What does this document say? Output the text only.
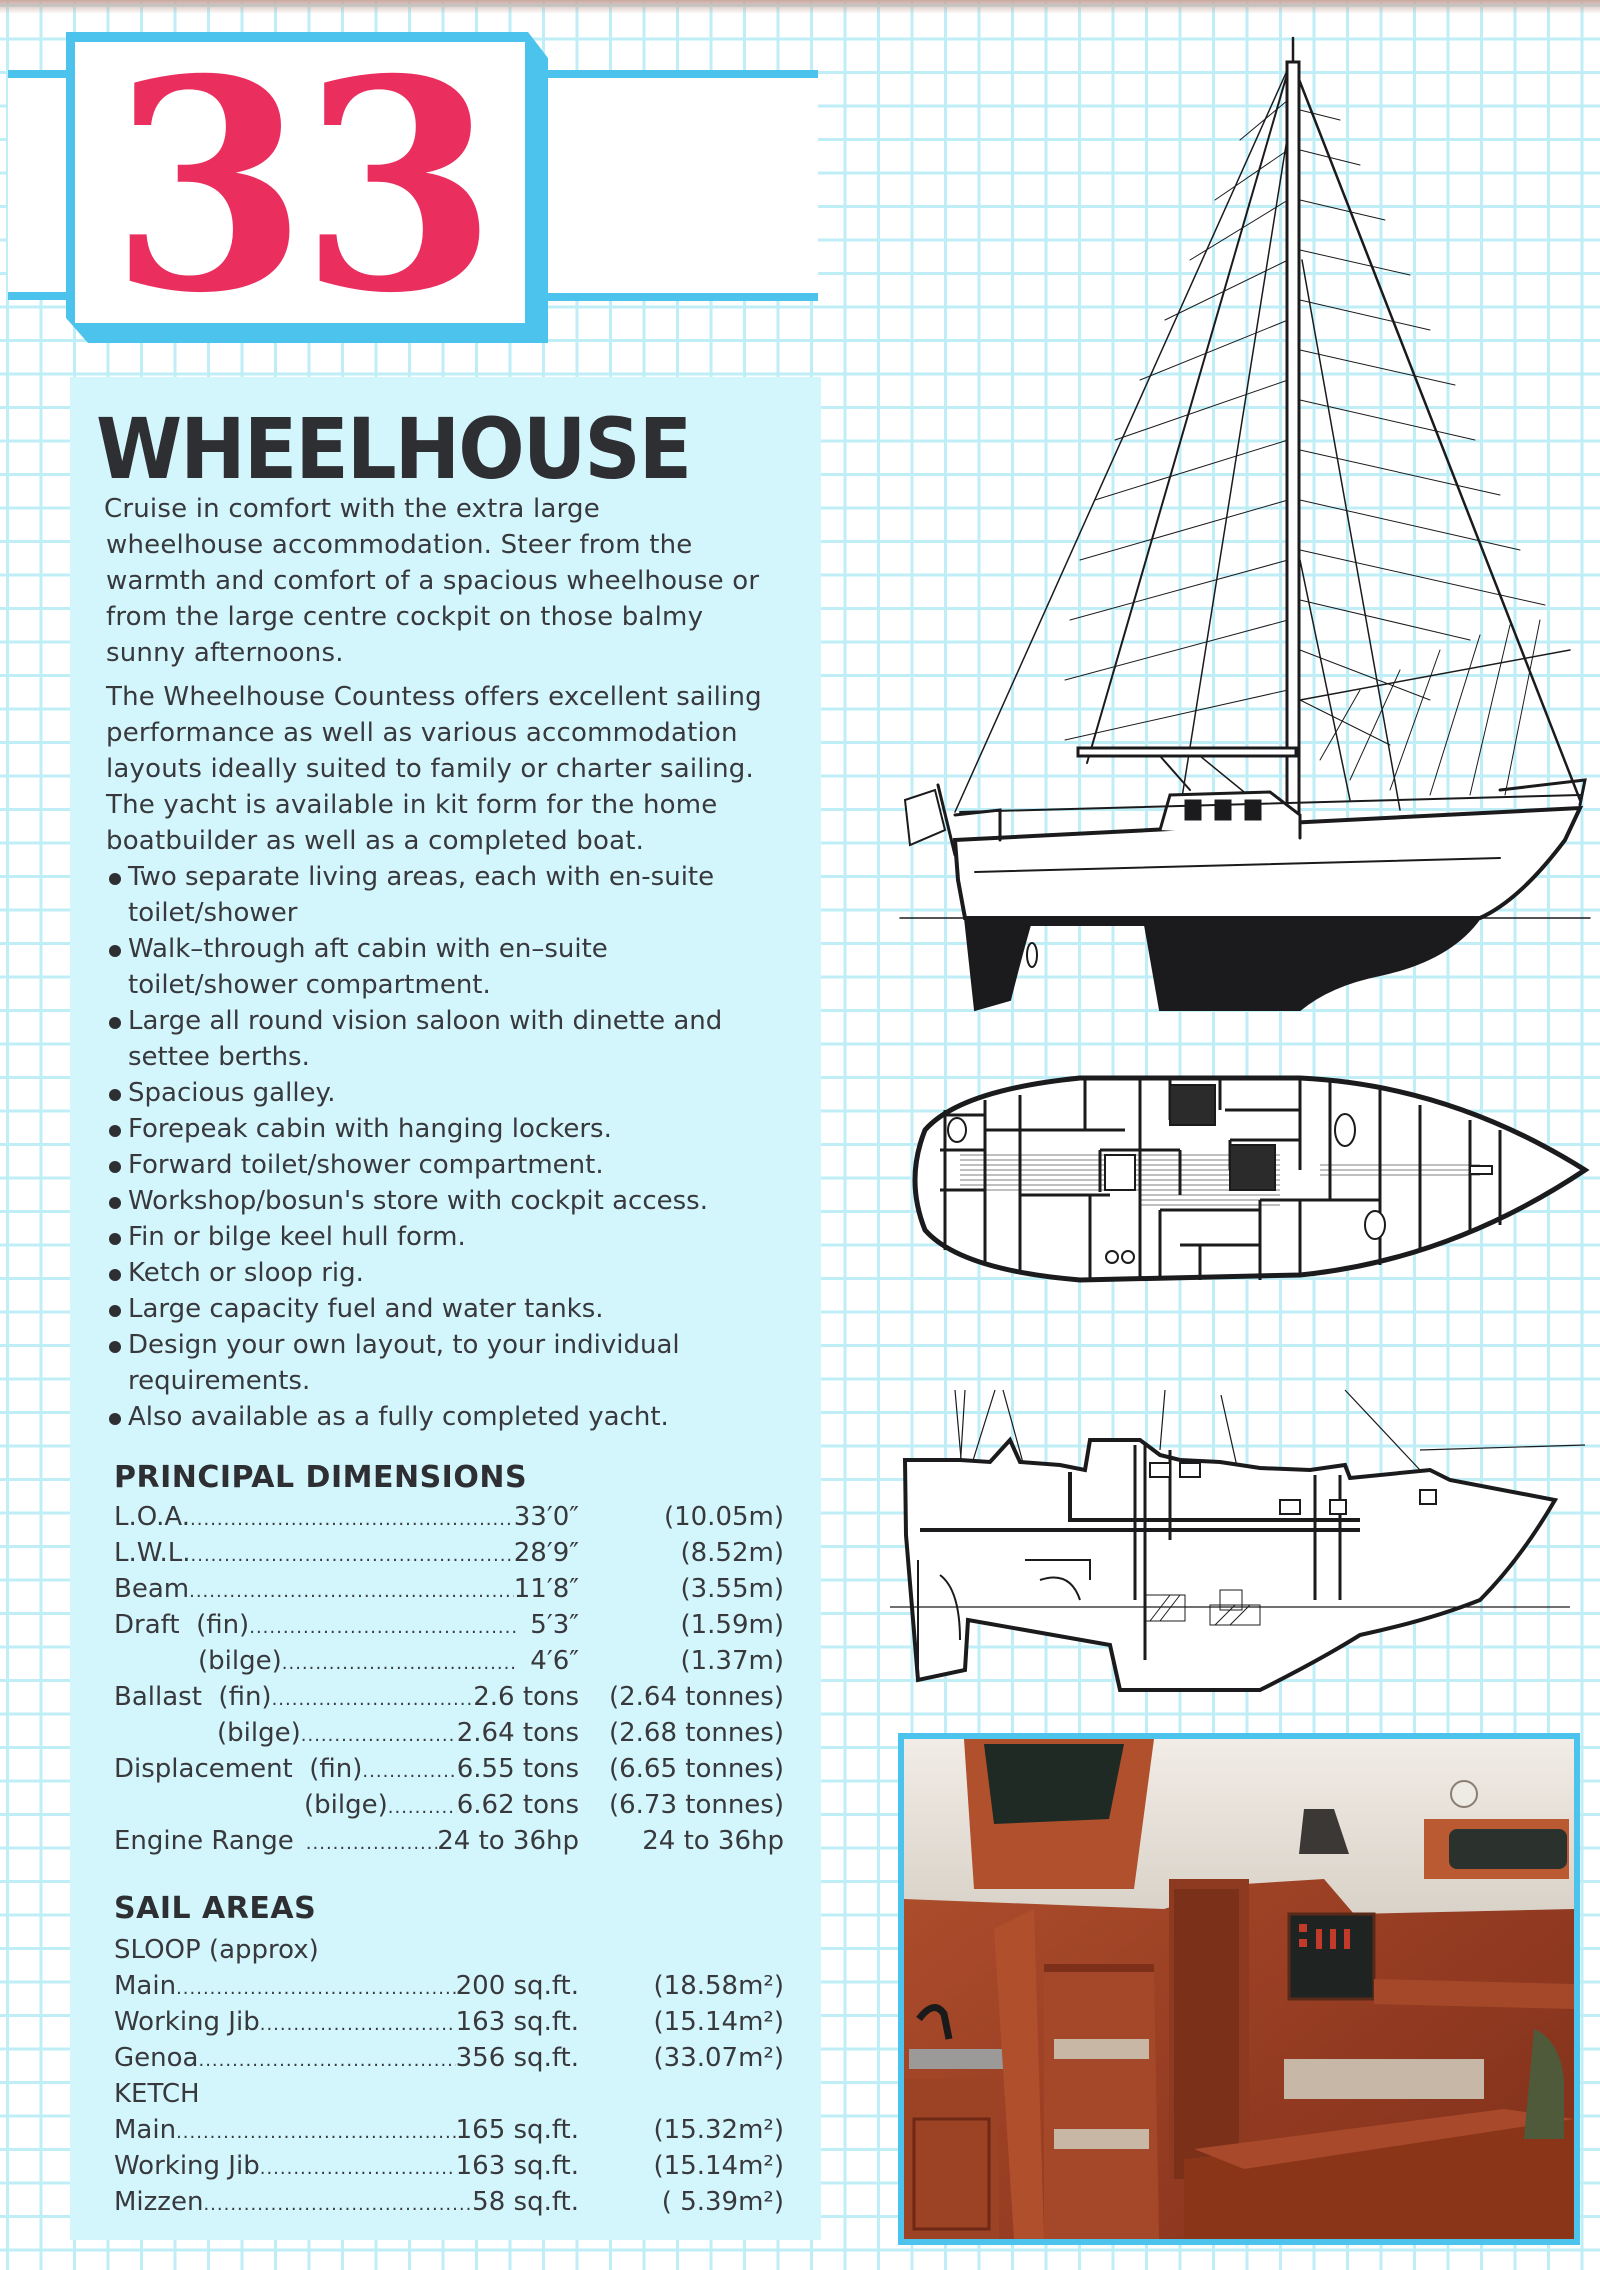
33
WHEELHOUSE
Cruise in comfort with the extra large
wheelhouse accommodation. Steer from the
warmth and comfort of a spacious wheelhouse or
from the large centre cockpit on those balmy
sunny afternoons.
The Wheelhouse Countess offers excellent sailing
performance as well as various accommodation
layouts ideally suited to family or charter sailing.
The yacht is available in kit form for the home
boatbuilder as well as a completed boat.
Two separate living areas, each with en-suite toilet/shower
Walk–through aft cabin with en–suite toilet/shower compartment.
Large all round vision saloon with dinette and settee berths.
Spacious galley.
Forepeak cabin with hanging lockers.
Forward toilet/shower compartment.
Workshop/bosun's store with cockpit access.
Fin or bilge keel hull form.
Ketch or sloop rig.
Large capacity fuel and water tanks.
Design your own layout, to your individual requirements.
Also available as a fully completed yacht.
PRINCIPAL DIMENSIONS
L.O.A. .....	33′0″	(10.05m)
L.W.L. .....	28′9″	(8.52m)
Beam .....	11′8″	(3.55m)
Draft  (fin) .....	5′3″	(1.59m)
(bilge) .....	4′6″	(1.37m)
Ballast  (fin) .....	2.6 tons	(2.64 tonnes)
(bilge) .....	2.64 tons	(2.68 tonnes)
Displacement  (fin) .....	6.55 tons	(6.65 tonnes)
(bilge) .....	6.62 tons	(6.73 tonnes)
Engine Range .....	24 to 36hp	24 to 36hp
SAIL AREAS
SLOOP (approx)
Main .....	200 sq.ft.	(18.58m²)
Working Jib .....	163 sq.ft.	(15.14m²)
Genoa .....	356 sq.ft.	(33.07m²)
KETCH
Main .....	165 sq.ft.	(15.32m²)
Working Jib .....	163 sq.ft.	(15.14m²)
Mizzen .....	58 sq.ft.	( 5.39m²)
